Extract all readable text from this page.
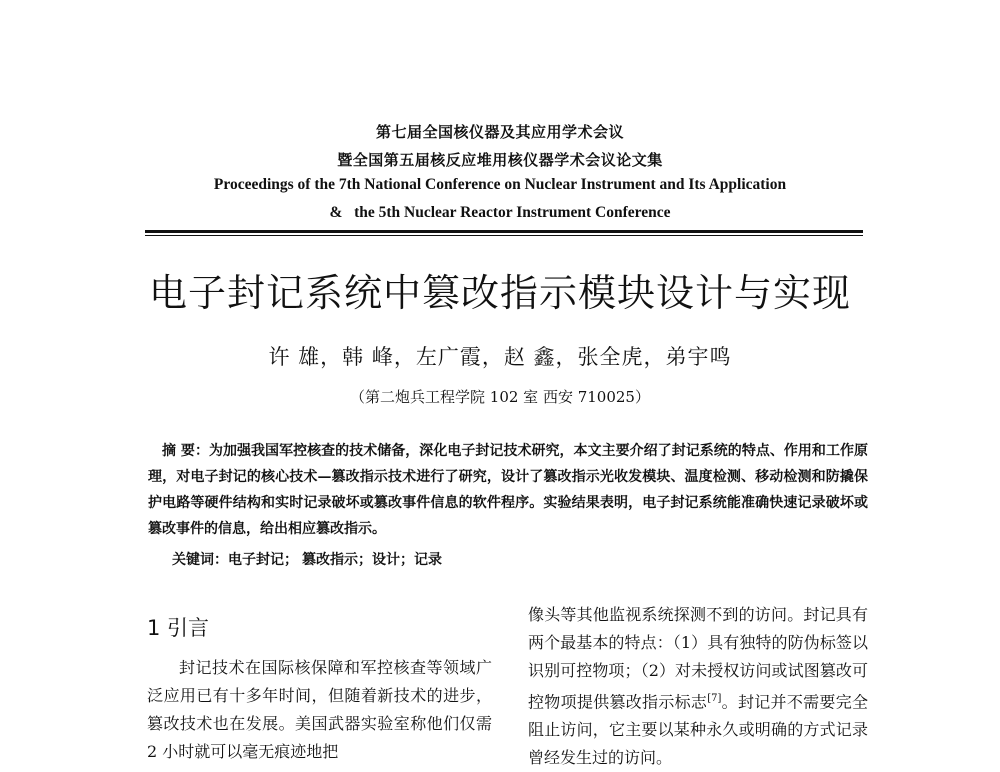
第七届全国核仪器及其应用学术会议
暨全国第五届核反应堆用核仪器学术会议论文集
Proceedings of the 7th National Conference on Nuclear Instrument and Its Application
&   the 5th Nuclear Reactor Instrument Conference
电子封记系统中篡改指示模块设计与实现
许 雄，韩 峰，左广霞，赵 鑫，张全虎，弟宇鸣
（第二炮兵工程学院 102 室 西安 710025）
摘 要：为加强我国军控核查的技术储备，深化电子封记技术研究，本文主要介绍了封记系统的特点、作用和工作原理，对电子封记的核心技术—篡改指示技术进行了研究，设计了篡改指示光收发模块、温度检测、移动检测和防撬保护电路等硬件结构和实时记录破坏或篡改事件信息的软件程序。实验结果表明，电子封记系统能准确快速记录破坏或篡改事件的信息，给出相应篡改指示。
关键词：电子封记； 篡改指示；设计；记录
1 引言

封记技术在国际核保障和军控核查等领域广泛应用已有十多年时间，但随着新技术的进步，篡改技术也在发展。美国武器实验室称他们仅需 2 小时就可以毫无痕迹地把

像头等其他监视系统探测不到的访问。封记具有两个最基本的特点：（1）具有独特的防伪标签以识别可控物项；（2）对未授权访问或试图篡改可控物项提供篡改指示标志[7]。封记并不需要完全阻止访问，它主要以某种永久或明确的方式记录曾经发生过的访问。
